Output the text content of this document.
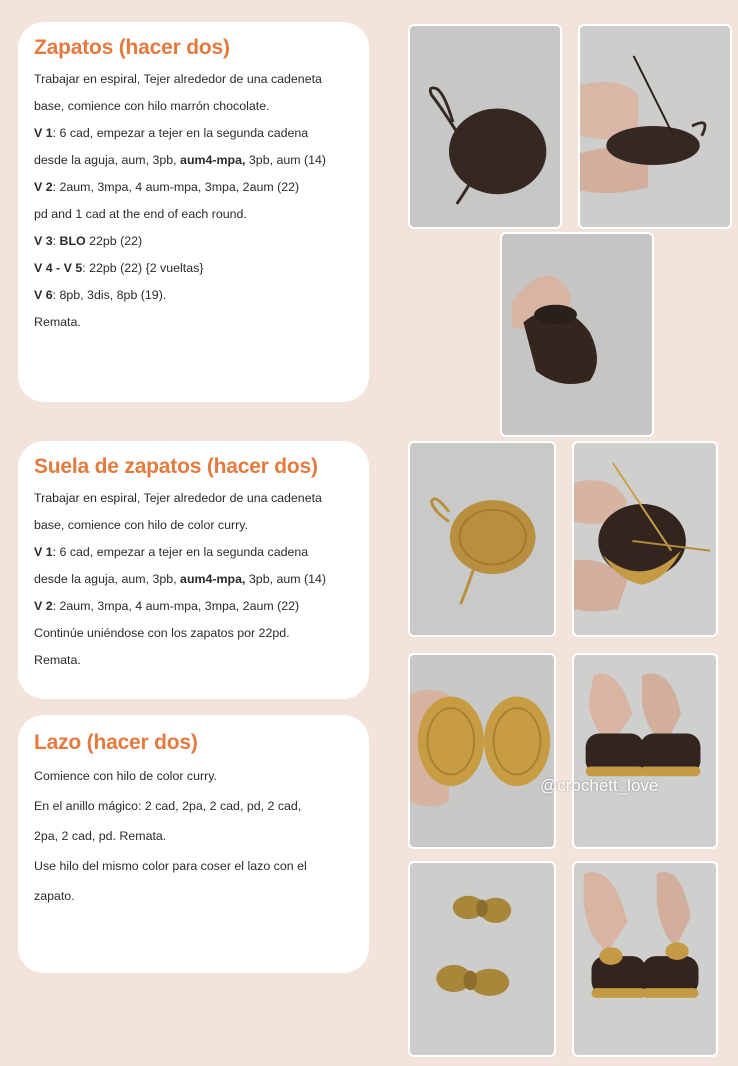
Zapatos (hacer dos)
Trabajar en espiral, Tejer alrededor de una cadeneta
base, comience con hilo marrón chocolate.
V 1: 6 cad, empezar a tejer en la segunda cadena
desde la aguja, aum, 3pb, aum4-mpa, 3pb, aum (14)
V 2: 2aum, 3mpa, 4 aum-mpa, 3mpa, 2aum (22)
pd and 1 cad at the end of each round.
V 3: BLO 22pb (22)
V 4 - V 5: 22pb (22) {2 vueltas}
V 6: 8pb, 3dis, 8pb (19).
Remata.
Suela de zapatos (hacer dos)
Trabajar en espiral, Tejer alrededor de una cadeneta
base, comience con hilo de color curry.
V 1: 6 cad, empezar a tejer en la segunda cadena
desde la aguja, aum, 3pb, aum4-mpa, 3pb, aum (14)
V 2: 2aum, 3mpa, 4 aum-mpa, 3mpa, 2aum (22)
Continúe uniéndose con los zapatos por 22pd.
Remata.
Lazo (hacer dos)
Comience con hilo de color curry.
En el anillo mágico: 2 cad, 2pa, 2 cad, pd, 2 cad,
2pa, 2 cad, pd. Remata.
Use hilo del mismo color para coser el lazo con el
zapato.
@crochett_love
